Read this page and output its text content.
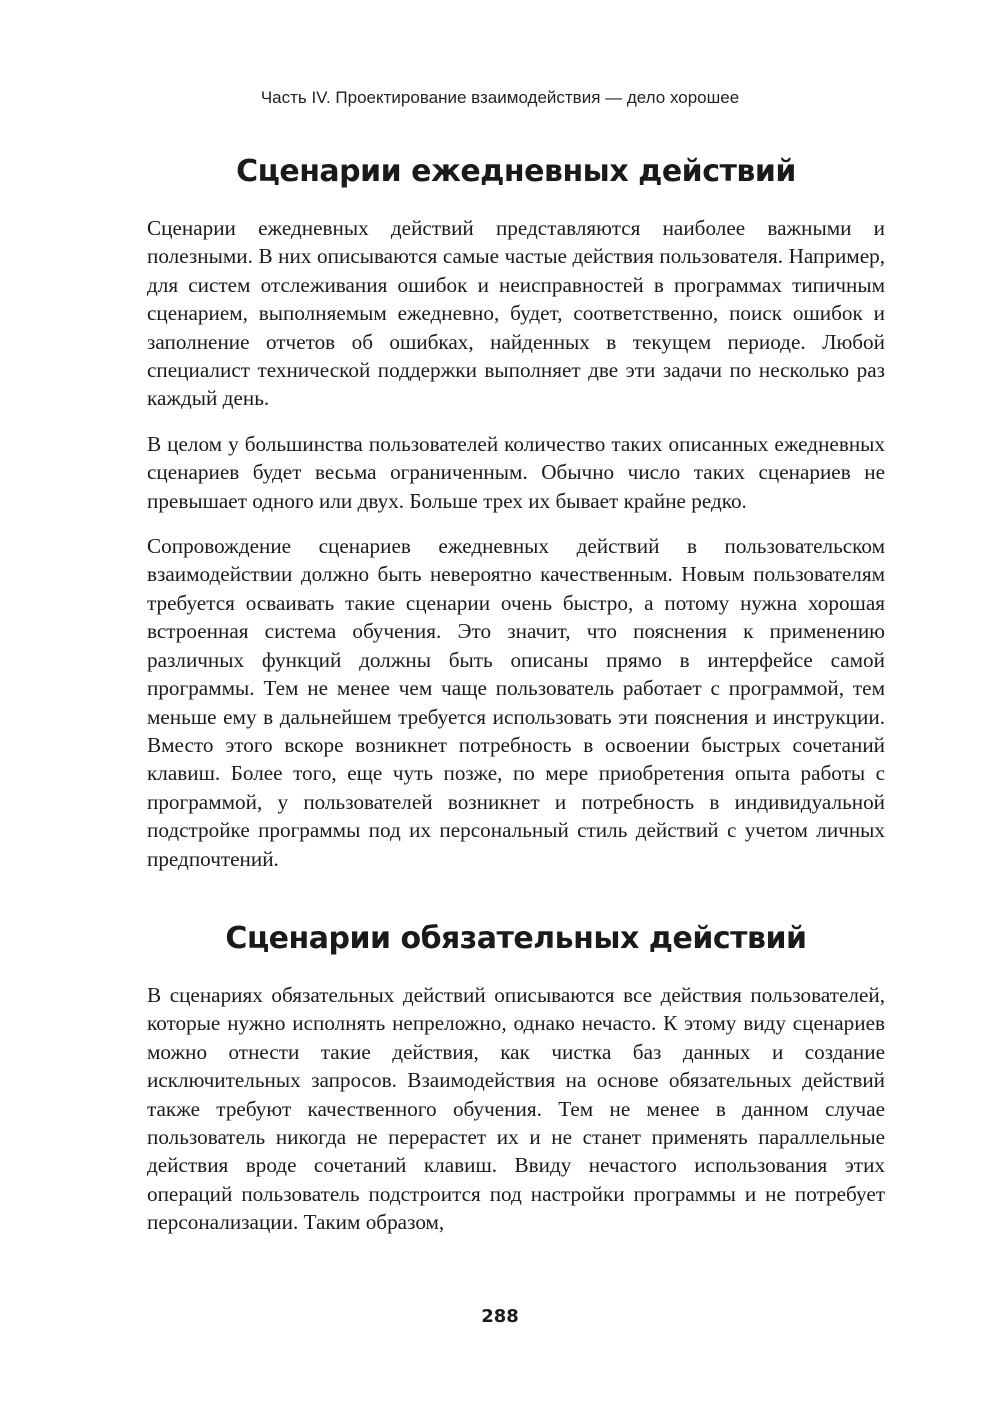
Часть IV. Проектирование взаимодействия — дело хорошее
Сценарии ежедневных действий

Сценарии ежедневных действий представляются наиболее важными и полезными. В них описываются самые частые действия пользователя. Например, для систем отслеживания ошибок и неисправностей в программах типичным сценарием, выполняемым ежедневно, будет, соответственно, поиск ошибок и заполнение отчетов об ошибках, найденных в текущем периоде. Любой специалист технической поддержки выполняет две эти задачи по несколько раз каждый день.

В целом у большинства пользователей количество таких описанных ежедневных сценариев будет весьма ограниченным. Обычно число таких сценариев не превышает одного или двух. Больше трех их бывает крайне редко.

Сопровождение сценариев ежедневных действий в пользовательском взаимодействии должно быть невероятно качественным. Новым пользователям требуется осваивать такие сценарии очень быстро, а потому нужна хорошая встроенная система обучения. Это значит, что пояснения к применению различных функций должны быть описаны прямо в интерфейсе самой программы. Тем не менее чем чаще пользователь работает с программой, тем меньше ему в дальнейшем требуется использовать эти пояснения и инструкции. Вместо этого вскоре возникнет потребность в освоении быстрых сочетаний клавиш. Более того, еще чуть позже, по мере приобретения опыта работы с программой, у пользователей возникнет и потребность в индивидуальной подстройке программы под их персональный стиль действий с учетом личных предпочтений.

Сценарии обязательных действий

В сценариях обязательных действий описываются все действия пользователей, которые нужно исполнять непреложно, однако нечасто. К этому виду сценариев можно отнести такие действия, как чистка баз данных и создание исключительных запросов. Взаимодействия на основе обязательных действий также требуют качественного обучения. Тем не менее в данном случае пользователь никогда не перерастет их и не станет применять параллельные действия вроде сочетаний клавиш. Ввиду нечастого использования этих операций пользователь подстроится под настройки программы и не потребует персонализации. Таким образом,

288
